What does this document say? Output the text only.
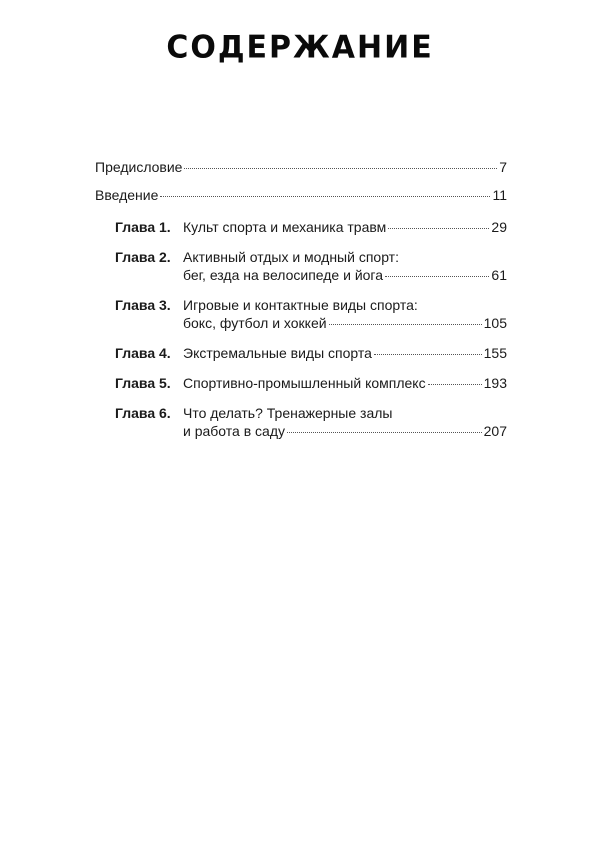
СОДЕРЖАНИЕ
Предисловие	7
Введение	11
Глава 1. Культ спорта и механика травм	29
Глава 2. Активный отдых и модный спорт:
бег, езда на велосипеде и йога	61
Глава 3. Игровые и контактные виды спорта:
бокс, футбол и хоккей	105
Глава 4. Экстремальные виды спорта	155
Глава 5. Спортивно-промышленный комплекс	193
Глава 6. Что делать? Тренажерные залы
и работа в саду	207
